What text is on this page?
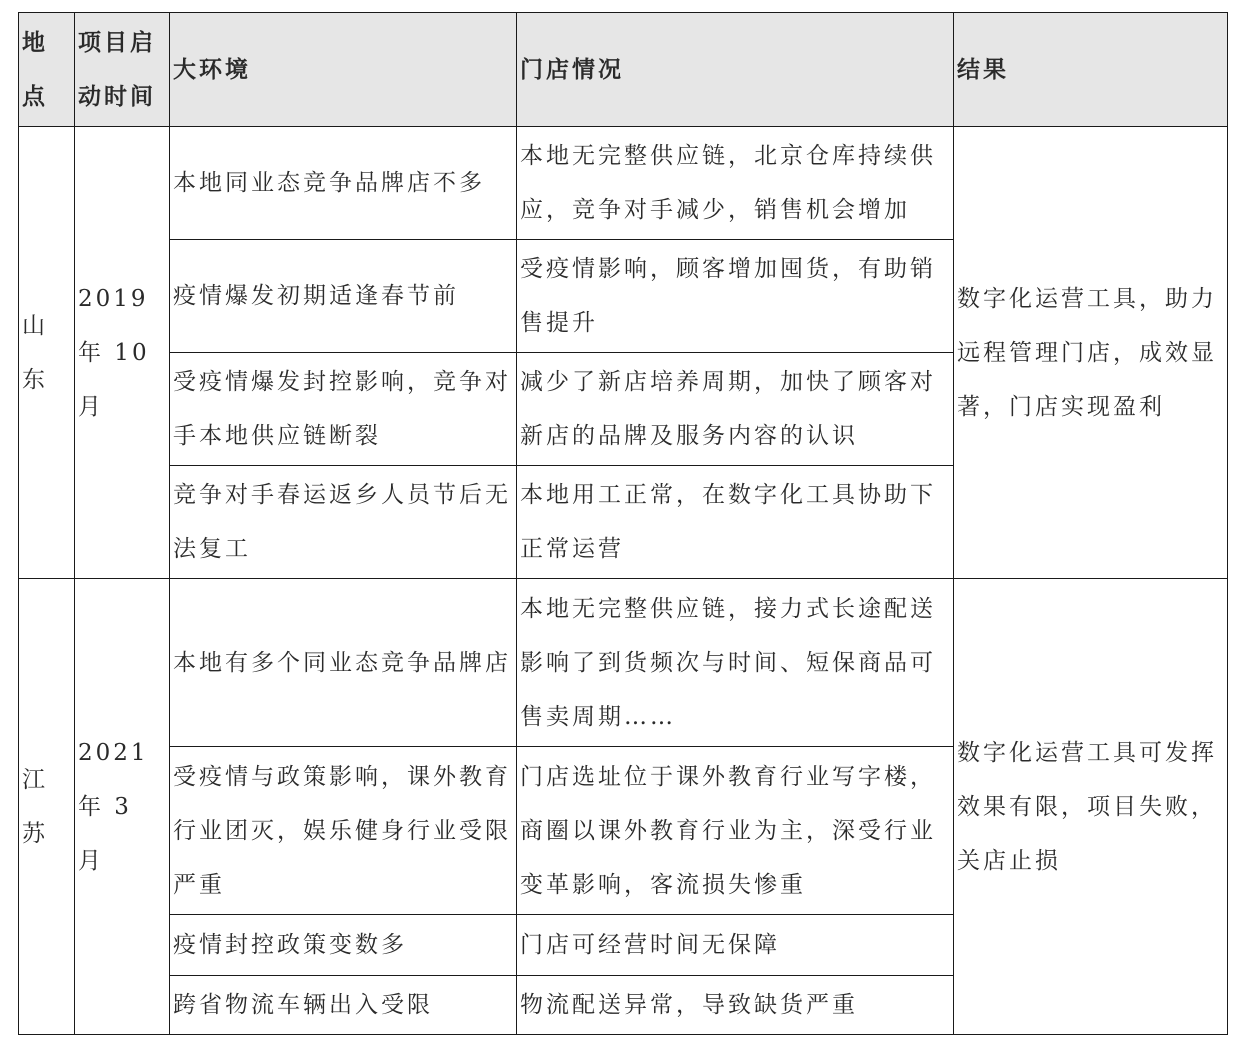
地点	项目启动时间	大环境	门店情况	结果
山东	2019 年 10 月	本地同业态竞争品牌店不多	本地无完整供应链，北京仓库持续供应，竞争对手减少，销售机会增加	数字化运营工具，助力远程管理门店，成效显著，门店实现盈利
		疫情爆发初期适逢春节前	受疫情影响，顾客增加囤货，有助销售提升	
		受疫情爆发封控影响，竞争对手本地供应链断裂	减少了新店培养周期，加快了顾客对新店的品牌及服务内容的认识	
		竞争对手春运返乡人员节后无法复工	本地用工正常，在数字化工具协助下正常运营	
江苏	2021 年 3 月	本地有多个同业态竞争品牌店	本地无完整供应链，接力式长途配送影响了到货频次与时间、短保商品可售卖周期……	数字化运营工具可发挥效果有限，项目失败，关店止损
		受疫情与政策影响，课外教育行业团灭，娱乐健身行业受限严重	门店选址位于课外教育行业写字楼，商圈以课外教育行业为主，深受行业变革影响，客流损失惨重	
		疫情封控政策变数多	门店可经营时间无保障	
		跨省物流车辆出入受限	物流配送异常，导致缺货严重	
